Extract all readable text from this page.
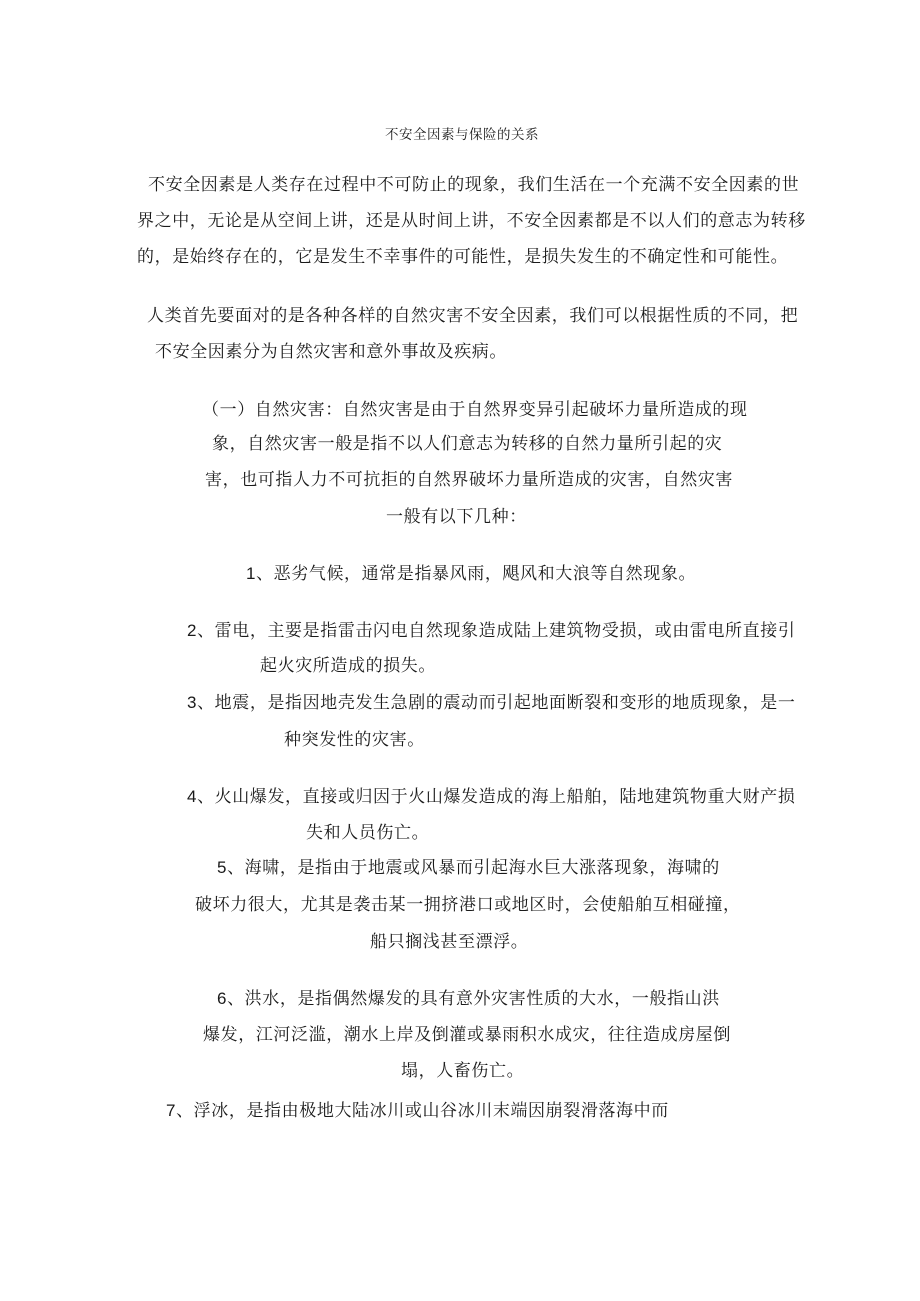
不安全因素与保险的关系
不安全因素是人类存在过程中不可防止的现象，我们生活在一个充满不安全因素的世
界之中，无论是从空间上讲，还是从时间上讲，不安全因素都是不以人们的意志为转移
的，是始终存在的，它是发生不幸事件的可能性，是损失发生的不确定性和可能性。
人类首先要面对的是各种各样的自然灾害不安全因素，我们可以根据性质的不同，把
不安全因素分为自然灾害和意外事故及疾病。
（一）自然灾害：自然灾害是由于自然界变异引起破坏力量所造成的现
象，自然灾害一般是指不以人们意志为转移的自然力量所引起的灾
害，也可指人力不可抗拒的自然界破坏力量所造成的灾害，自然灾害
一般有以下几种：
1、恶劣气候，通常是指暴风雨，飓风和大浪等自然现象。
2、雷电，主要是指雷击闪电自然现象造成陆上建筑物受损，或由雷电所直接引
起火灾所造成的损失。
3、地震，是指因地壳发生急剧的震动而引起地面断裂和变形的地质现象，是一
种突发性的灾害。
4、火山爆发，直接或归因于火山爆发造成的海上船舶，陆地建筑物重大财产损
失和人员伤亡。
5、海啸，是指由于地震或风暴而引起海水巨大涨落现象，海啸的
破坏力很大，尤其是袭击某一拥挤港口或地区时，会使船舶互相碰撞，
船只搁浅甚至漂浮。
6、洪水，是指偶然爆发的具有意外灾害性质的大水，一般指山洪
爆发，江河泛滥，潮水上岸及倒灌或暴雨积水成灾，往往造成房屋倒
塌，人畜伤亡。
7、浮冰，是指由极地大陆冰川或山谷冰川末端因崩裂滑落海中而
